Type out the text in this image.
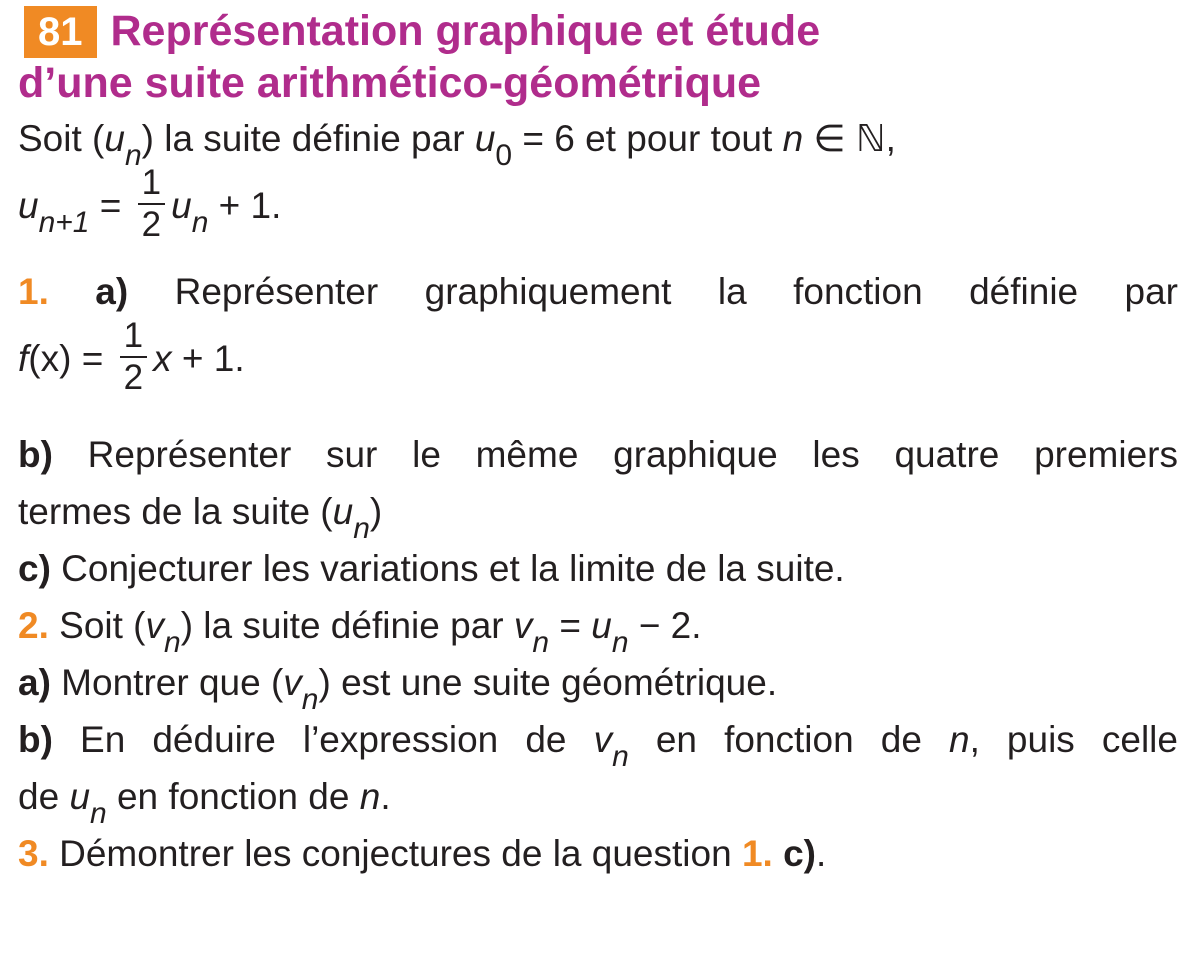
81 Représentation graphique et étude
d’une suite arithmético-géométrique
Soit $(u_n)$ la suite définie par $u_0 = 6$ et pour tout n ∈ ℕ,
$u_{n+1} = \frac{1}{2} u_n + 1$.
1. a) Représenter graphiquement la fonction définie par
$f(x) = \frac{1}{2}$ x + 1.
b) Représenter sur le même graphique les quatre premiers
termes de la suite $(u_n)$
c) Conjecturer les variations et la limite de la suite.
2. Soit $(v_n)$ la suite définie par $v_n = u_n - 2$.
a) Montrer que $(v_n)$ est une suite géométrique.
b) En déduire l’expression de $v_n$ en fonction de n, puis celle
de $u_n$ en fonction de n.
3. Démontrer les conjectures de la question 1. c).
